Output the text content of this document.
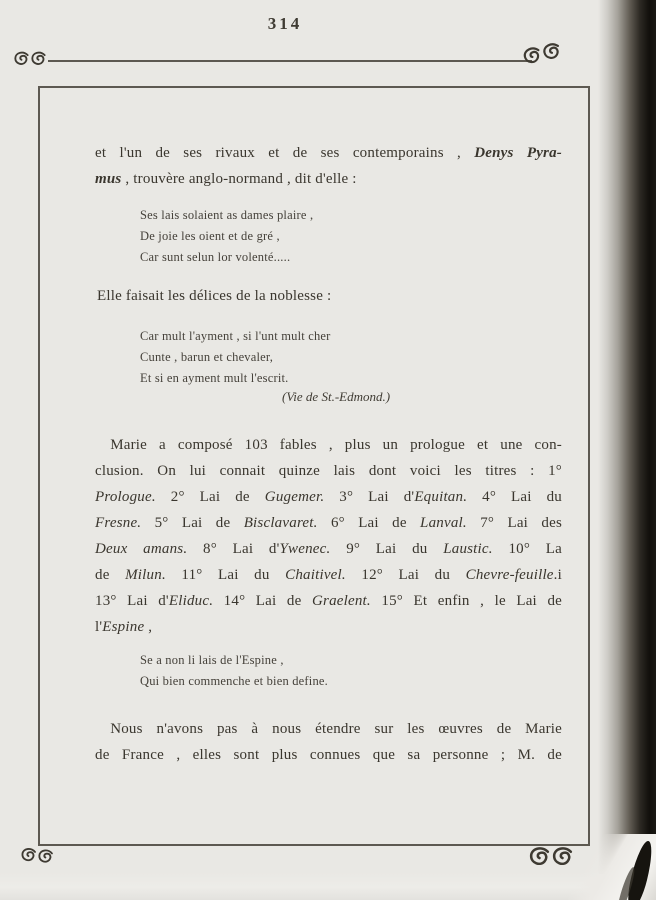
314
et l'un de ses rivaux et de ses contemporains , Denys Pyra-
mus , trouvère anglo-normand , dit d'elle :
Ses lais solaient as dames plaire ,
De joie les oient et de gré ,
Car sunt selun lor volenté.....
Elle faisait les délices de la noblesse :
Car mult l'ayment , si l'unt mult cher
Cunte , barun et chevaler,
Et si en ayment mult l'escrit.
(Vie de St.-Edmond.)
 Marie a composé 103 fables , plus un prologue et une con-
clusion. On lui connait quinze lais dont voici les titres : 1°
Prologue. 2° Lai de Gugemer. 3° Lai d'Equitan. 4° Lai du
Fresne. 5° Lai de Bisclavaret. 6° Lai de Lanval. 7° Lai des
Deux amans. 8° Lai d'Ywenec. 9° Lai du Laustic. 10° La
de Milun. 11° Lai du Chaitivel. 12° Lai du Chevre-feuille.i
13° Lai d'Eliduc. 14° Lai de Graelent. 15° Et enfin , le Lai de
l'Espine ,
Se a non li lais de l'Espine ,
Qui bien commenche et bien define.
 Nous n'avons pas à nous étendre sur les œuvres de Marie
de France , elles sont plus connues que sa personne ; M. de
